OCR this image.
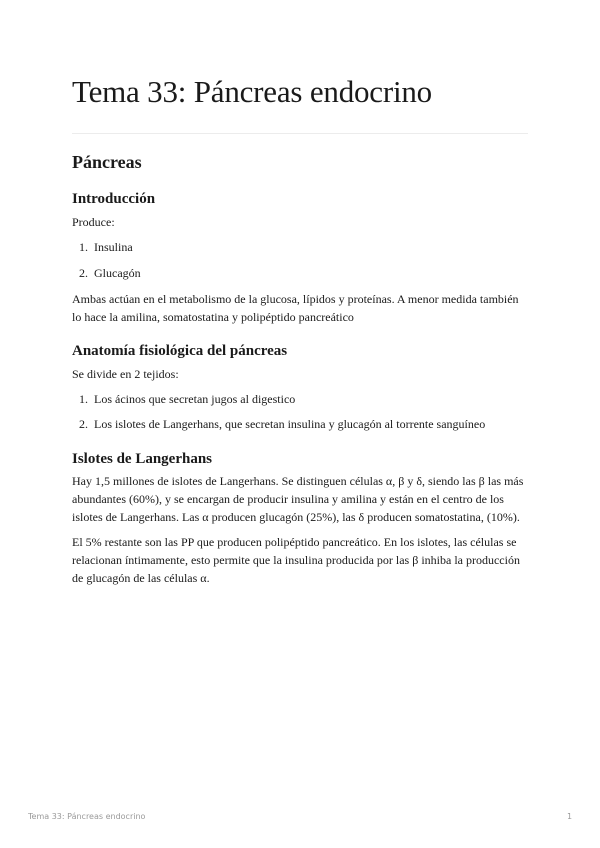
Tema 33: Páncreas endocrino
Páncreas
Introducción

Produce:

1. Insulina
2. Glucagón

Ambas actúan en el metabolismo de la glucosa, lípidos y proteínas. A menor medida también lo hace la amilina, somatostatina y polipéptido pancreático

Anatomía fisiológica del páncreas

Se divide en 2 tejidos:

1. Los ácinos que secretan jugos al digestico
2. Los islotes de Langerhans, que secretan insulina y glucagón al torrente sanguíneo
Islotes de Langerhans

Hay 1,5 millones de islotes de Langerhans. Se distinguen células α, β y δ, siendo las β las más abundantes (60%), y se encargan de producir insulina y amilina y están en el centro de los islotes de Langerhans. Las α producen glucagón (25%), las δ producen somatostatina, (10%).

El 5% restante son las PP que producen polipéptido pancreático. En los islotes, las células se relacionan íntimamente, esto permite que la insulina producida por las β inhiba la producción de glucagón de las células α.

Tema 33: Páncreas endocrino	1
